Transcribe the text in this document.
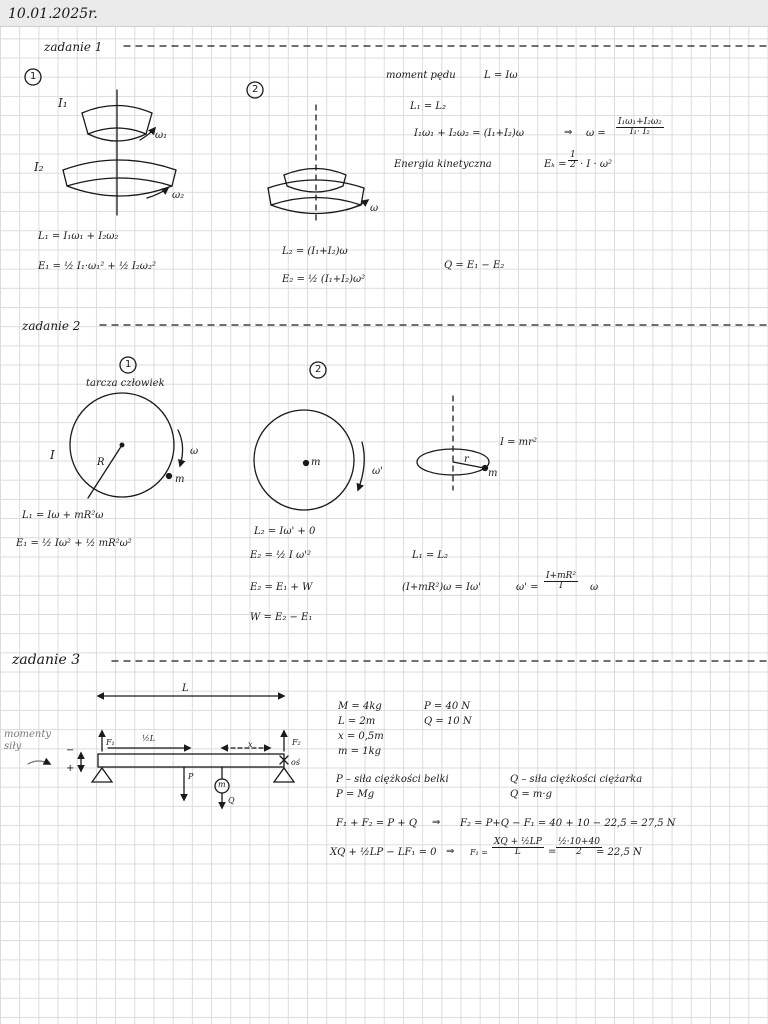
10.01.2025r.
zadanie 1
1
2
I₁
I₂
ω₁
ω₂
ω
moment pędu	L = Iω
L₁ = L₂
I₁ω₁ + I₂ω₂ = (I₁+I₂)ω	⇒ $\omega = \frac{\text{I₁ω₁+I₂ω₂}}{\text{I₁· I₂}}$
Energia kinetyczna	$E_k = \frac{1}{2} \cdot I \cdot \omega^2$
L₁ = I₁ω₁ + I₂ω₂
E₁ = ½ I₁·ω₁² + ½ I₂ω₂²
L₂ = (I₁+I₂)ω
E₂ = ½ (I₁+I₂)ω²
Q = E₁ − E₂
zadanie 2
1	2
tarcza człowiek
I
R
ω
m
m
ω'
r
m
I = mr²
L₁ = Iω + mR²ω
E₁ = ½ Iω² + ½ mR²ω²
L₂ = Iω' + 0
E₂ = ½ I ω'²
E₂ = E₁ + W
W = E₂ − E₁
L₁ = L₂
(I+mR²)ω = Iω'	$\omega' = \frac{\text{I+mR²}}{I}$ ω
zadanie 3
momenty siły	−
+
L
F₁	F₂
½L
x
P
m
Q
oś
M = 4kg
L = 2m
x = 0,5m
m = 1kg
P = 40 N
Q = 10 N
P – siła ciężkości belki
P = Mg
Q – siła ciężkości ciężarka
Q = m·g
F₁ + F₂ = P + Q ⇒ F₂ = P+Q − F₁ = 40 + 10 − 22,5 = 27,5 N
XQ + ½LP − LF₁ = 0 ⇒ $F_1 = \frac{\text{XQ + ½LP}}{L} = \frac{\text{½·10+40}}{2}$
= 22,5 N
